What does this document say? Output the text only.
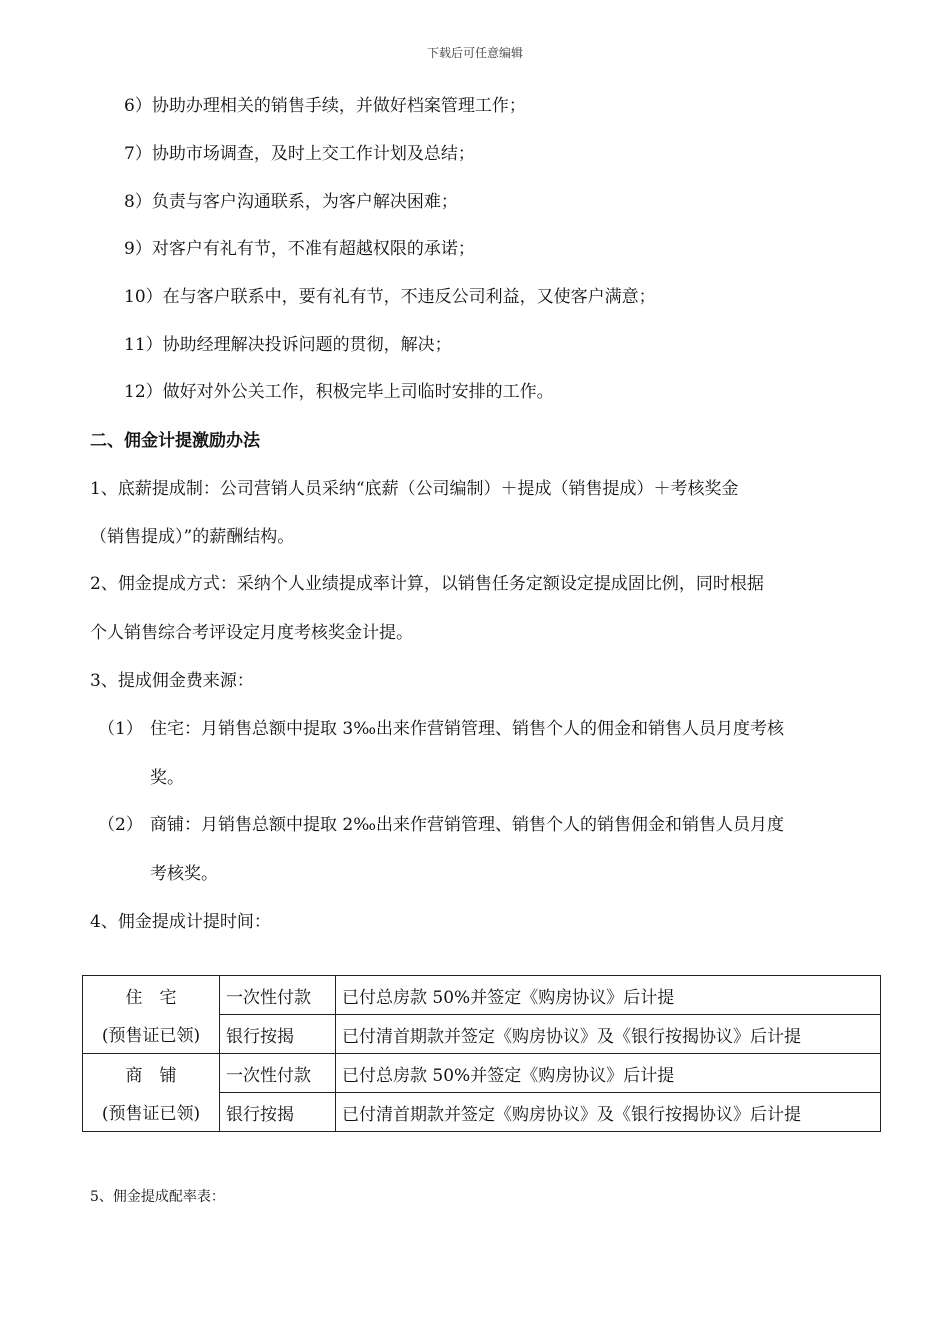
下载后可任意编辑
6）协助办理相关的销售手续，并做好档案管理工作；
7）协助市场调查，及时上交工作计划及总结；
8）负责与客户沟通联系，为客户解决困难；
9）对客户有礼有节，不准有超越权限的承诺；
10）在与客户联系中，要有礼有节，不违反公司利益，又使客户满意；
11）协助经理解决投诉问题的贯彻，解决；
12）做好对外公关工作，积极完毕上司临时安排的工作。
二、佣金计提激励办法
1、底薪提成制：公司营销人员采纳“底薪（公司编制）＋提成（销售提成）＋考核奖金
（销售提成）”的薪酬结构。
2、佣金提成方式：采纳个人业绩提成率计算，以销售任务定额设定提成固比例，同时根据
个人销售综合考评设定月度考核奖金计提。
3、提成佣金费来源：
（1） 住宅：月销售总额中提取 3‰出来作营销管理、销售个人的佣金和销售人员月度考核
奖。
（2） 商铺：月销售总额中提取 2‰出来作营销管理、销售个人的销售佣金和销售人员月度
考核奖。
4、佣金提成计提时间：
住　宅	一次性付款	已付总房款 50%并签定《购房协议》后计提
(预售证已领)	银行按揭	已付清首期款并签定《购房协议》及《银行按揭协议》后计提
商　铺	一次性付款	已付总房款 50%并签定《购房协议》后计提
(预售证已领)	银行按揭	已付清首期款并签定《购房协议》及《银行按揭协议》后计提
5、佣金提成配率表：
